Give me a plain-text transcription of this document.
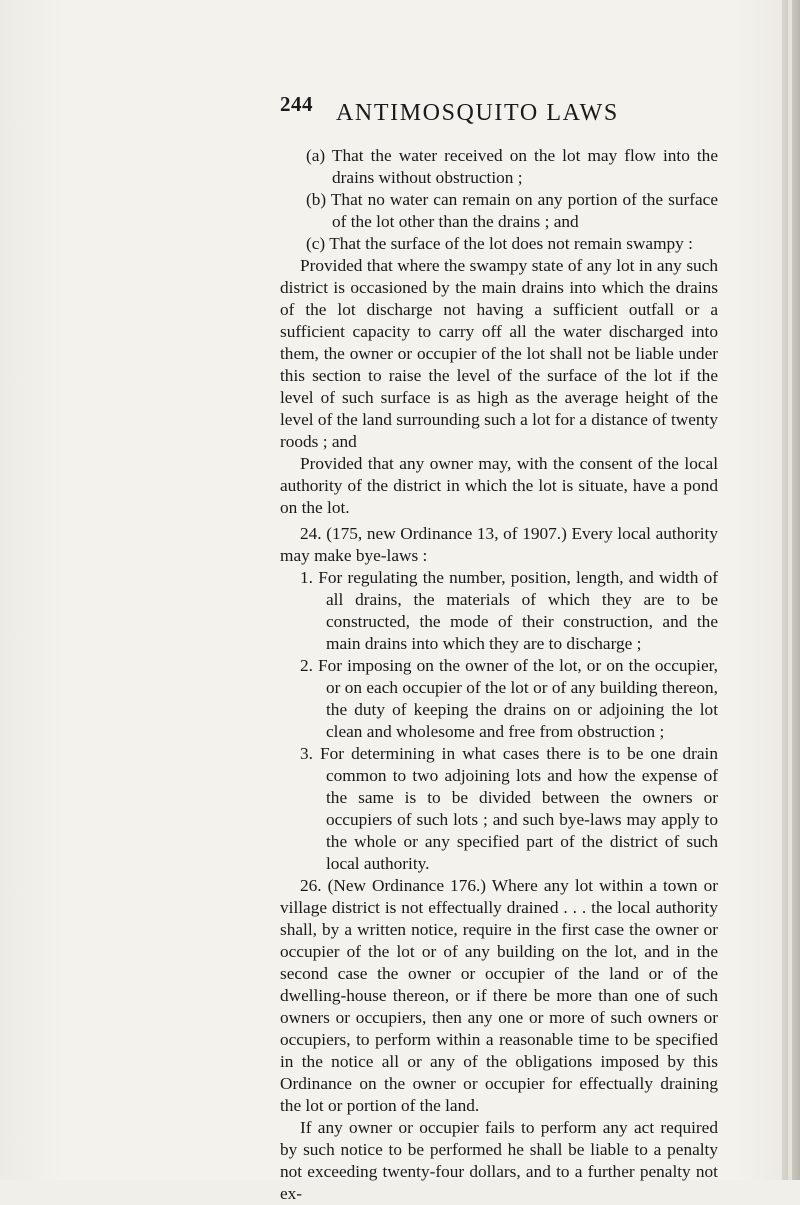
244 ANTIMOSQUITO LAWS

(a) That the water received on the lot may flow into the drains without obstruction ;

(b) That no water can remain on any portion of the surface of the lot other than the drains ; and

(c) That the surface of the lot does not remain swampy :

Provided that where the swampy state of any lot in any such district is occasioned by the main drains into which the drains of the lot discharge not having a sufficient outfall or a sufficient capacity to carry off all the water discharged into them, the owner or occupier of the lot shall not be liable under this section to raise the level of the surface of the lot if the level of such surface is as high as the average height of the level of the land surrounding such a lot for a distance of twenty roods ; and

Provided that any owner may, with the consent of the local authority of the district in which the lot is situate, have a pond on the lot.

24. (175, new Ordinance 13, of 1907.) Every local authority may make bye-laws :

1. For regulating the number, position, length, and width of all drains, the materials of which they are to be constructed, the mode of their construction, and the main drains into which they are to discharge ;

2. For imposing on the owner of the lot, or on the occupier, or on each occupier of the lot or of any building thereon, the duty of keeping the drains on or adjoining the lot clean and wholesome and free from obstruction ;

3. For determining in what cases there is to be one drain common to two adjoining lots and how the expense of the same is to be divided between the owners or occupiers of such lots ; and such bye-laws may apply to the whole or any specified part of the district of such local authority.

26. (New Ordinance 176.) Where any lot within a town or village district is not effectually drained . . . the local authority shall, by a written notice, require in the first case the owner or occupier of the lot or of any building on the lot, and in the second case the owner or occupier of the land or of the dwelling-house thereon, or if there be more than one of such owners or occupiers, then any one or more of such owners or occupiers, to perform within a reasonable time to be specified in the notice all or any of the obligations imposed by this Ordinance on the owner or occupier for effectually draining the lot or portion of the land.

If any owner or occupier fails to perform any act required by such notice to be performed he shall be liable to a penalty not exceeding twenty-four dollars, and to a further penalty not ex-
